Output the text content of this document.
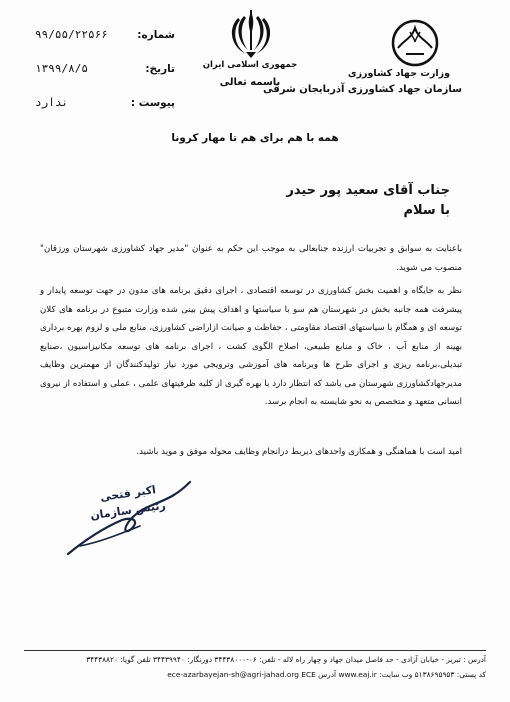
شماره:
۹۹/۵۵/۲۲۵۶۶
تاریخ:
۱۳۹۹/۸/۵
پیوست :
ندارد
جمهوری اسلامی ایران
باسمه تعالی
وزارت جهاد کشاورزی
سازمان جهاد کشاورزی آذربایجان شرقی
همه با هم برای هم تا مهار کرونا
جناب آقای سعید پور حیدر
با سلام
باعنایت به سوابق و تجربیات ارزنده جنابعالی به موجب این حکم به عنوان "مدیر جهاد کشاورزی شهرستان ورزقان" منصوب می شوید.
نظر به جایگاه و اهمیت بخش کشاورزی در توسعه اقتصادی ، اجرای دقیق برنامه های مدون در جهت توسعه پایدار و پیشرفت همه جانبه بخش در شهرستان هم سو با سیاستها و اهداف پیش بینی شده وزارت متبوع در برنامه های کلان توسعه ای و همگام با سیاستهای اقتصاد مقاومتی ، حفاظت و صیانت ازاراضی کشاورزی، منابع ملی و لزوم بهره برداری بهینه از منابع آب ، خاک و منابع طبیعی، اصلاح الگوی کشت ، اجرای برنامه های توسعه مکانیزاسیون ،صنایع تبدیلی،برنامه ریزی و اجرای طرح ها وبرنامه های آموزشی وترویجی مورد نیاز تولیدکنندگان از مهمترین وظایف مدیرجهادکشاورزی شهرستان می باشد که انتظار دارد با بهره گیری از کلیه ظرفیتهای علمی ، عملی و استفاده از نیروی انسانی متعهد و متخصص به نحو شایسته به انجام برسد.
امید است با هماهنگی و همکاری واحدهای ذیربط درانجام وظایف محوله موفق و موید باشید.
اکبر فتحی
رئیس سازمان
آدرس : تبریز - خیابان آزادی - حد فاصل میدان جهاد و چهار راه لاله - تلفن: ۰۶-۳۴۴۳۸۰۰۰ دورنگار: ۳۴۴۳۹۹۴۰ تلفن گویا: ۳۴۴۳۸۸۲۰
کد پستی: ۵۱۳۸۶۹۵۹۵۳ وب سایت: www.eaj.ir آدرس ece-azarbayejan-sh@agri-jahad.org ECE
